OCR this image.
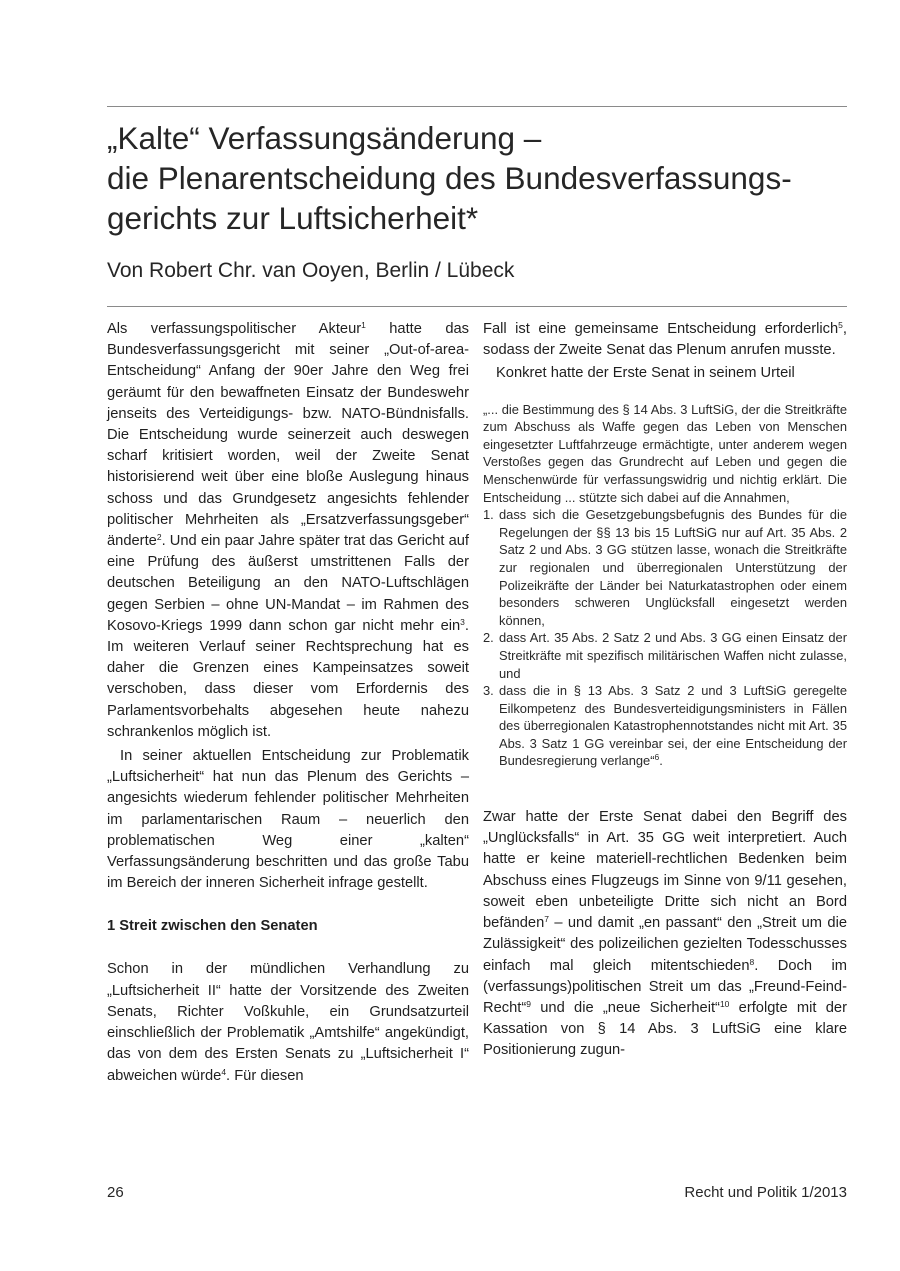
„Kalte“ Verfassungsänderung –
die Plenarentscheidung des Bundesverfassungs-
gerichts zur Luftsicherheit*
Von Robert Chr. van Ooyen, Berlin / Lübeck

Als verfassungspolitischer Akteur$^1$ hatte das Bundesverfassungsgericht mit seiner „Out-of-area-Entscheidung“ Anfang der 90er Jahre den Weg frei geräumt für den bewaffneten Einsatz der Bundeswehr jenseits des Verteidigungs- bzw. NATO-Bündnisfalls. Die Entscheidung wurde seinerzeit auch deswegen scharf kritisiert worden, weil der Zweite Senat historisierend weit über eine bloße Auslegung hinaus schoss und das Grundgesetz angesichts fehlender politischer Mehrheiten als „Ersatzverfassungsgeber“ änderte$^2$. Und ein paar Jahre später trat das Gericht auf eine Prüfung des äußerst umstrittenen Falls der deutschen Beteiligung an den NATO-Luftschlägen gegen Serbien – ohne UN-Mandat – im Rahmen des Kosovo-Kriegs 1999 dann schon gar nicht mehr ein$^3$. Im weiteren Verlauf seiner Rechtsprechung hat es daher die Grenzen eines Kampeinsatzes soweit verschoben, dass dieser vom Erfordernis des Parlamentsvorbehalts abgesehen heute nahezu schrankenlos möglich ist.

In seiner aktuellen Entscheidung zur Problematik „Luftsicherheit“ hat nun das Plenum des Gerichts – angesichts wiederum fehlender politischer Mehrheiten im parlamentarischen Raum – neuerlich den problematischen Weg einer „kalten“ Verfassungsänderung beschritten und das große Tabu im Bereich der inneren Sicherheit infrage gestellt.

1 Streit zwischen den Senaten

Schon in der mündlichen Verhandlung zu „Luftsicherheit II“ hatte der Vorsitzende des Zweiten Senats, Richter Voßkuhle, ein Grundsatzurteil einschließlich der Problematik „Amtshilfe“ angekündigt, das von dem des Ersten Senats zu „Luftsicherheit I“ abweichen würde$^4$. Für diesen

Fall ist eine gemeinsame Entscheidung erforderlich$^5$, sodass der Zweite Senat das Plenum anrufen musste.

Konkret hatte der Erste Senat in seinem Urteil

„... die Bestimmung des § 14 Abs. 3 LuftSiG, der die Streitkräfte zum Abschuss als Waffe gegen das Leben von Menschen eingesetzter Luftfahrzeuge ermächtigte, unter anderem wegen Verstoßes gegen das Grundrecht auf Leben und gegen die Menschenwürde für verfassungswidrig und nichtig erklärt. Die Entscheidung ... stützte sich dabei auf die Annahmen,

1. dass sich die Gesetzgebungsbefugnis des Bundes für die Regelungen der §§ 13 bis 15 LuftSiG nur auf Art. 35 Abs. 2 Satz 2 und Abs. 3 GG stützen lasse, wonach die Streitkräfte zur regionalen und überregionalen Unterstützung der Polizeikräfte der Länder bei Naturkatastrophen oder einem besonders schweren Unglücksfall eingesetzt werden können,
2. dass Art. 35 Abs. 2 Satz 2 und Abs. 3 GG einen Einsatz der Streitkräfte mit spezifisch militärischen Waffen nicht zulasse, und
3. dass die in § 13 Abs. 3 Satz 2 und 3 LuftSiG geregelte Eilkompetenz des Bundesverteidigungsministers in Fällen des überregionalen Katastrophennotstandes nicht mit Art. 35 Abs. 3 Satz 1 GG vereinbar sei, der eine Entscheidung der Bundesregierung verlange“$^6$.

Zwar hatte der Erste Senat dabei den Begriff des „Unglücksfalls“ in Art. 35 GG weit interpretiert. Auch hatte er keine materiell-rechtlichen Bedenken beim Abschuss eines Flugzeugs im Sinne von 9/11 gesehen, soweit eben unbeteiligte Dritte sich nicht an Bord befänden$^7$ – und damit „en passant“ den „Streit um die Zulässigkeit“ des polizeilichen gezielten Todesschusses einfach mal gleich mitentschieden$^8$. Doch im (verfassungs)politischen Streit um das „Freund-Feind-Recht“$^9$ und die „neue Sicherheit“$^{10}$ erfolgte mit der Kassation von § 14 Abs. 3 LuftSiG eine klare Positionierung zugun-

26	Recht und Politik 1/2013
